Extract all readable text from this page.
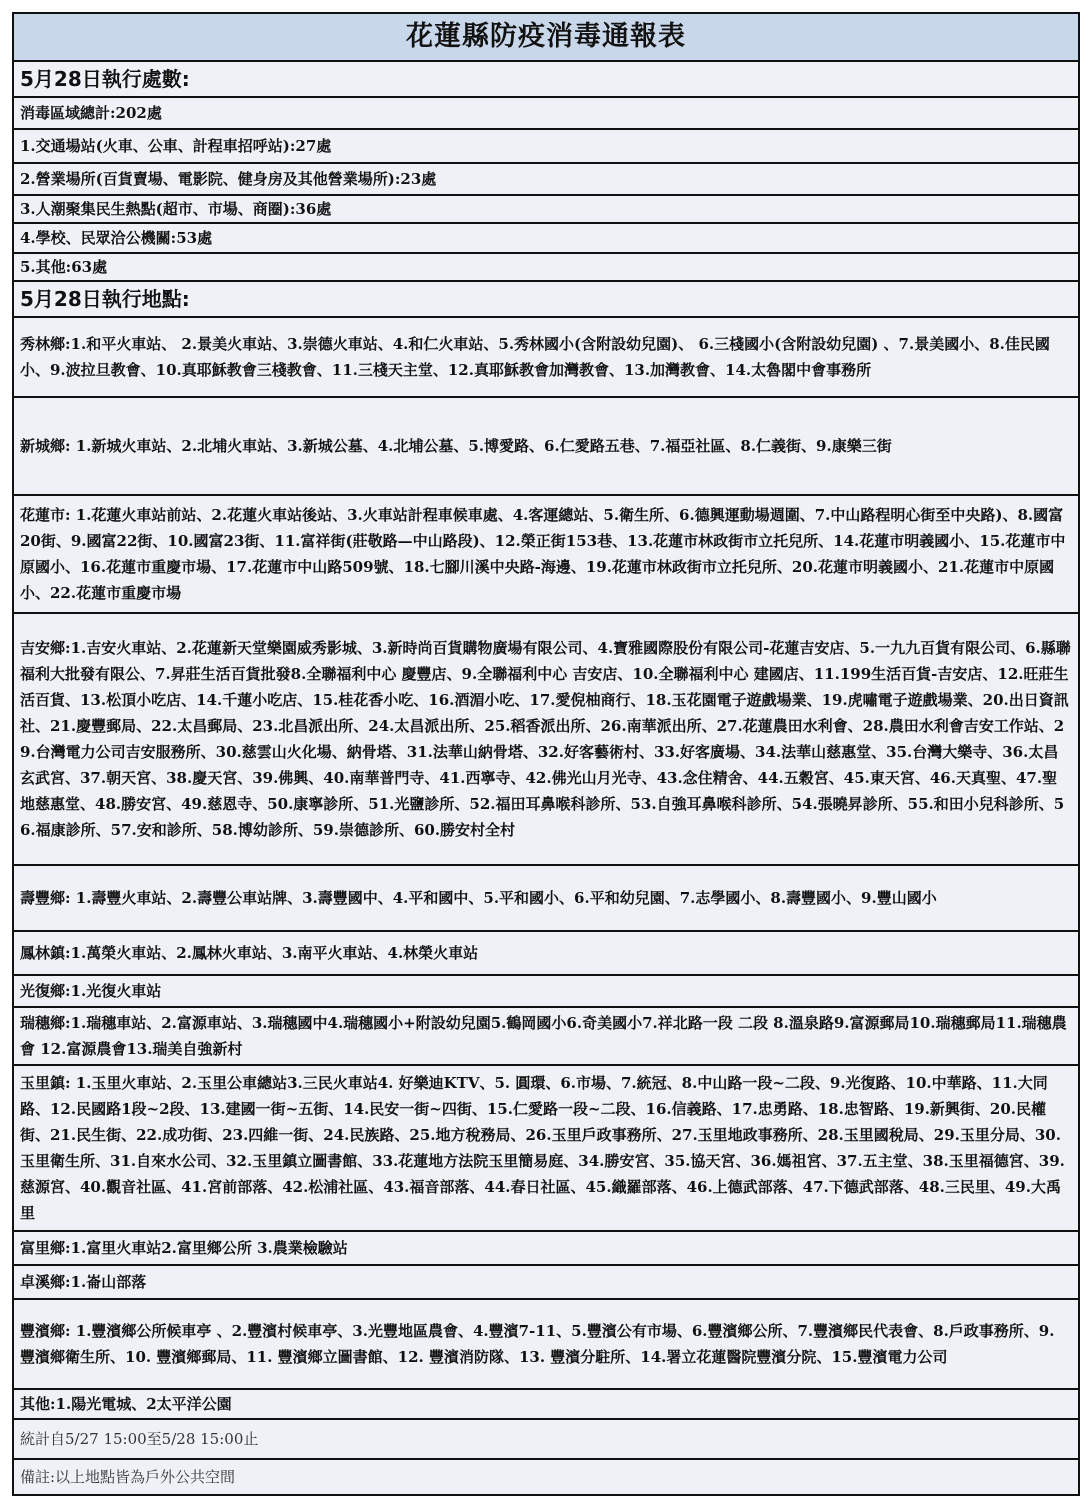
花蓮縣防疫消毒通報表
5月28日執行處數:
消毒區域總計:202處
1.交通場站(火車、公車、計程車招呼站):27處
2.營業場所(百貨賣場、電影院、健身房及其他營業場所):23處
3.人潮聚集民生熱點(超市、市場、商圈):36處
4.學校、民眾洽公機關:53處
5.其他:63處
5月28日執行地點:
秀林鄉:1.和平火車站、 2.景美火車站、3.崇德火車站、4.和仁火車站、5.秀林國小(含附設幼兒園)、 6.三棧國小(含附設幼兒園) 、7.景美國小、8.佳民國小、9.波拉旦教會、10.真耶穌教會三棧教會、11.三棧天主堂、12.真耶穌教會加灣教會、13.加灣教會、14.太魯閣中會事務所
新城鄉: 1.新城火車站、2.北埔火車站、3.新城公墓、4.北埔公墓、5.博愛路、6.仁愛路五巷、7.福亞社區、8.仁義街、9.康樂三街
花蓮市: 1.花蓮火車站前站、2.花蓮火車站後站、3.火車站計程車候車處、4.客運總站、5.衛生所、6.德興運動場週圍、7.中山路程明心街至中央路)、8.國富20街、9.國富22街、10.國富23街、11.富祥街(莊敬路—中山路段)、12.榮正街153巷、13.花蓮市林政街市立托兒所、14.花蓮市明義國小、15.花蓮市中原國小、16.花蓮市重慶市場、17.花蓮市中山路509號、18.七腳川溪中央路-海邊、19.花蓮市林政街市立托兒所、20.花蓮市明義國小、21.花蓮市中原國小、22.花蓮市重慶市場
吉安鄉:1.吉安火車站、2.花蓮新天堂樂園威秀影城、3.新時尚百貨購物廣場有限公司、4.寶雅國際股份有限公司-花蓮吉安店、5.一九九百貨有限公司、6.縣聯福利大批發有限公、7.昇莊生活百貨批發8.全聯福利中心 慶豐店、9.全聯福利中心 吉安店、10.全聯福利中心 建國店、11.199生活百貨-吉安店、12.旺莊生活百貨、13.松頂小吃店、14.千蓮小吃店、15.桂花香小吃、16.酒湄小吃、17.愛倪柚商行、18.玉花園電子遊戲場業、19.虎嘯電子遊戲場業、20.出日資訊社、21.慶豐郵局、22.太昌郵局、23.北昌派出所、24.太昌派出所、25.稻香派出所、26.南華派出所、27.花蓮農田水利會、28.農田水利會吉安工作站、29.台灣電力公司吉安服務所、30.慈雲山火化場、納骨塔、31.法華山納骨塔、32.好客藝術村、33.好客廣場、34.法華山慈惠堂、35.台灣大樂寺、36.太昌玄武宮、37.朝天宮、38.慶天宮、39.佛興、40.南華普門寺、41.西寧寺、42.佛光山月光寺、43.念住精舍、44.五穀宮、45.東天宮、46.天真聖、47.聖地慈惠堂、48.勝安宮、49.慈恩寺、50.康寧診所、51.光鹽診所、52.福田耳鼻喉科診所、53.自強耳鼻喉科診所、54.張曉昇診所、55.和田小兒科診所、56.福康診所、57.安和診所、58.博幼診所、59.崇德診所、60.勝安村全村
壽豐鄉: 1.壽豐火車站、2.壽豐公車站牌、3.壽豐國中、4.平和國中、5.平和國小、6.平和幼兒園、7.志學國小、8.壽豐國小、9.豐山國小
鳳林鎮:1.萬榮火車站、2.鳳林火車站、3.南平火車站、4.林榮火車站
光復鄉:1.光復火車站
瑞穗鄉:1.瑞穗車站、2.富源車站、3.瑞穗國中4.瑞穗國小+附設幼兒園5.鶴岡國小6.奇美國小7.祥北路一段 二段 8.溫泉路9.富源郵局10.瑞穗郵局11.瑞穗農會 12.富源農會13.瑞美自強新村
玉里鎮: 1.玉里火車站、2.玉里公車總站3.三民火車站4. 好樂迪KTV、5. 圓環、6.市場、7.統冠、8.中山路一段~二段、9.光復路、10.中華路、11.大同路、12.民國路1段~2段、13.建國一街~五街、14.民安一街~四街、15.仁愛路一段~二段、16.信義路、17.忠勇路、18.忠智路、19.新興街、20.民權街、21.民生街、22.成功街、23.四維一街、24.民族路、25.地方稅務局、26.玉里戶政事務所、27.玉里地政事務所、28.玉里國稅局、29.玉里分局、30.玉里衛生所、31.自來水公司、32.玉里鎮立圖書館、33.花蓮地方法院玉里簡易庭、34.勝安宮、35.協天宮、36.媽祖宮、37.五主堂、38.玉里福德宮、39.慈源宮、40.觀音社區、41.宮前部落、42.松浦社區、43.福音部落、44.春日社區、45.織羅部落、46.上德武部落、47.下德武部落、48.三民里、49.大禹里
富里鄉:1.富里火車站2.富里鄉公所 3.農業檢驗站
卓溪鄉:1.崙山部落
豐濱鄉: 1.豐濱鄉公所候車亭 、2.豐濱村候車亭、3.光豐地區農會、4.豐濱7-11、5.豐濱公有市場、6.豐濱鄉公所、7.豐濱鄉民代表會、8.戶政事務所、9. 豐濱鄉衛生所、10. 豐濱鄉郵局、11. 豐濱鄉立圖書館、12. 豐濱消防隊、13. 豐濱分駐所、14.署立花蓮醫院豐濱分院、15.豐濱電力公司
其他:1.陽光電城、2太平洋公園
統計自5/27 15:00至5/28 15:00止
備註:以上地點皆為戶外公共空間
